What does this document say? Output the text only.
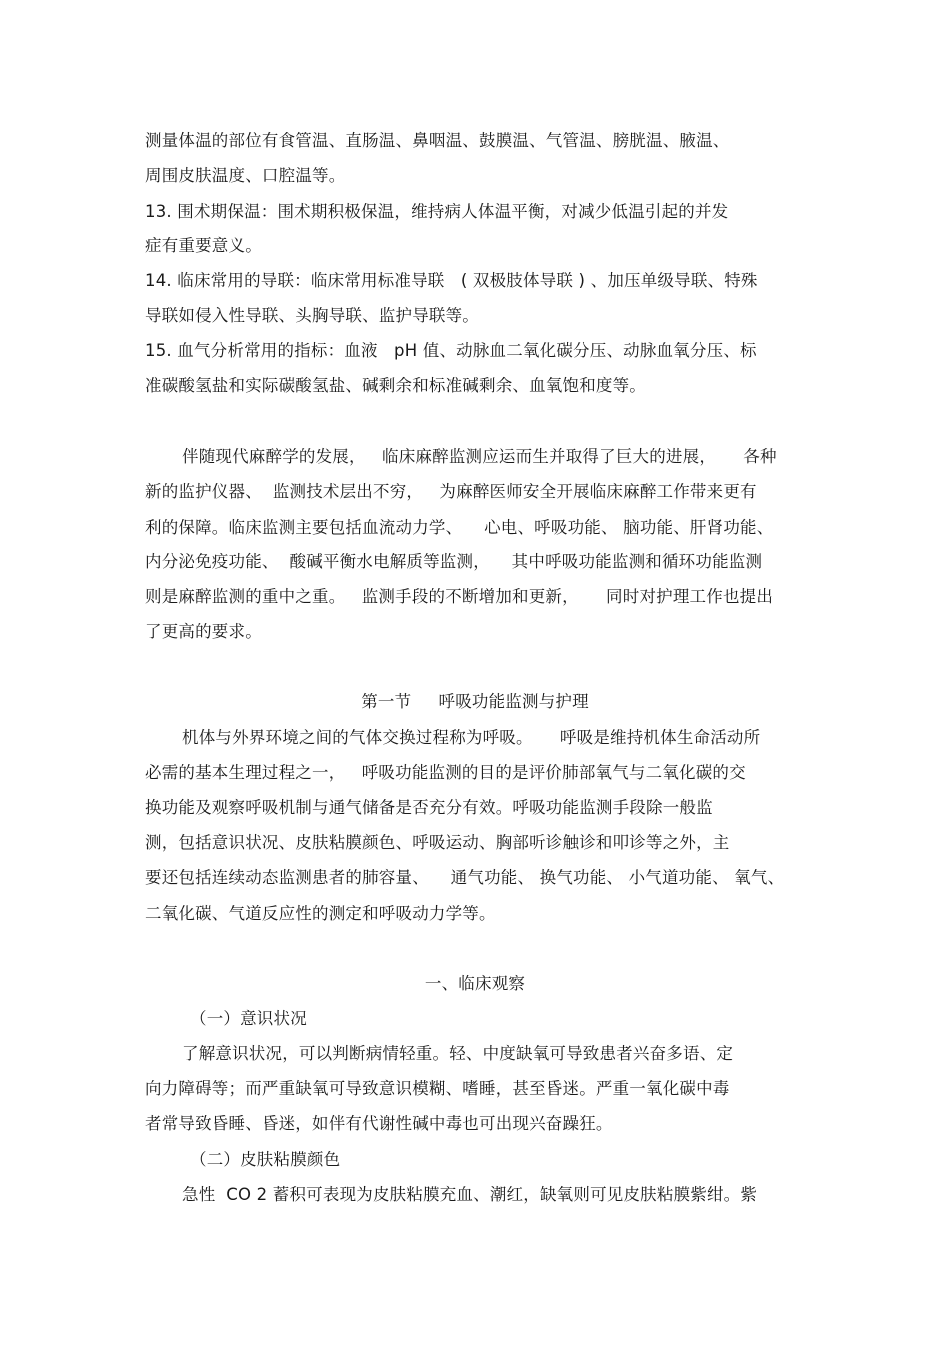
测量体温的部位有食管温、直肠温、鼻咽温、鼓膜温、气管温、膀胱温、腋温、
周围皮肤温度、口腔温等。
13. 围术期保温：围术期积极保温，维持病人体温平衡，对减少低温引起的并发
症有重要意义。
14. 临床常用的导联：临床常用标准导联   ( 双极肢体导联 ) 、加压单级导联、特殊
导联如侵入性导联、头胸导联、监护导联等。
15. 血气分析常用的指标：血液   pH 值、动脉血二氧化碳分压、动脉血氧分压、标
准碳酸氢盐和实际碳酸氢盐、碱剩余和标准碱剩余、血氧饱和度等。
伴随现代麻醉学的发展，   临床麻醉监测应运而生并取得了巨大的进展，     各种
新的监护仪器、  监测技术层出不穷，   为麻醉医师安全开展临床麻醉工作带来更有
利的保障。临床监测主要包括血流动力学、    心电、呼吸功能、 脑功能、肝肾功能、
内分泌免疫功能、  酸碱平衡水电解质等监测，    其中呼吸功能监测和循环功能监测
则是麻醉监测的重中之重。   监测手段的不断增加和更新，     同时对护理工作也提出
了更高的要求。
第一节     呼吸功能监测与护理
机体与外界环境之间的气体交换过程称为呼吸。     呼吸是维持机体生命活动所
必需的基本生理过程之一，   呼吸功能监测的目的是评价肺部氧气与二氧化碳的交
换功能及观察呼吸机制与通气储备是否充分有效。呼吸功能监测手段除一般监
测，包括意识状况、皮肤粘膜颜色、呼吸运动、胸部听诊触诊和叩诊等之外，主
要还包括连续动态监测患者的肺容量、    通气功能、 换气功能、 小气道功能、 氧气、
二氧化碳、气道反应性的测定和呼吸动力学等。
一、临床观察
（一）意识状况
了解意识状况，可以判断病情轻重。轻、中度缺氧可导致患者兴奋多语、定
向力障碍等；而严重缺氧可导致意识模糊、嗜睡，甚至昏迷。严重一氧化碳中毒
者常导致昏睡、昏迷，如伴有代谢性碱中毒也可出现兴奋躁狂。
（二）皮肤粘膜颜色
急性  CO 2 蓄积可表现为皮肤粘膜充血、潮红，缺氧则可见皮肤粘膜紫绀。紫
